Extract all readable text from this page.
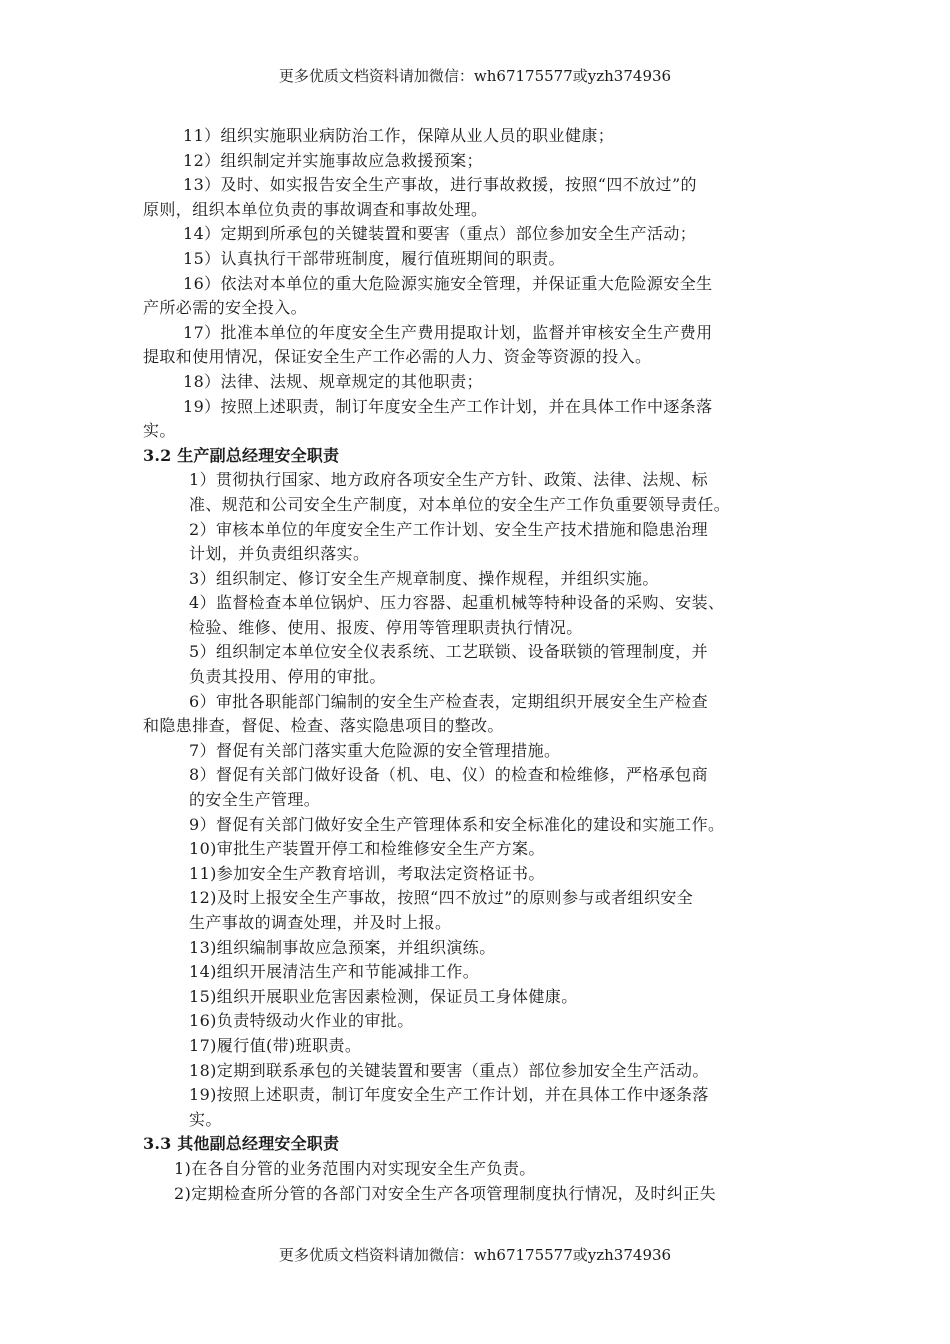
更多优质文档资料请加微信：wh67175577或yzh374936
11）组织实施职业病防治工作，保障从业人员的职业健康；
12）组织制定并实施事故应急救援预案；
13）及时、如实报告安全生产事故，进行事故救援，按照“四不放过”的
原则，组织本单位负责的事故调查和事故处理。
14）定期到所承包的关键装置和要害（重点）部位参加安全生产活动；
15）认真执行干部带班制度，履行值班期间的职责。
16）依法对本单位的重大危险源实施安全管理，并保证重大危险源安全生
产所必需的安全投入。
17）批准本单位的年度安全生产费用提取计划，监督并审核安全生产费用
提取和使用情况，保证安全生产工作必需的人力、资金等资源的投入。
18）法律、法规、规章规定的其他职责；
19）按照上述职责，制订年度安全生产工作计划，并在具体工作中逐条落
实。
3.2 生产副总经理安全职责
1）贯彻执行国家、地方政府各项安全生产方针、政策、法律、法规、标
准、规范和公司安全生产制度，对本单位的安全生产工作负重要领导责任。
2）审核本单位的年度安全生产工作计划、安全生产技术措施和隐患治理
计划，并负责组织落实。
3）组织制定、修订安全生产规章制度、操作规程，并组织实施。
4）监督检查本单位锅炉、压力容器、起重机械等特种设备的采购、安装、
检验、维修、使用、报废、停用等管理职责执行情况。
5）组织制定本单位安全仪表系统、工艺联锁、设备联锁的管理制度，并
负责其投用、停用的审批。
6）审批各职能部门编制的安全生产检查表，定期组织开展安全生产检查
和隐患排查，督促、检查、落实隐患项目的整改。
7）督促有关部门落实重大危险源的安全管理措施。
8）督促有关部门做好设备（机、电、仪）的检查和检维修，严格承包商
的安全生产管理。
9）督促有关部门做好安全生产管理体系和安全标准化的建设和实施工作。
10)审批生产装置开停工和检维修安全生产方案。
11)参加安全生产教育培训，考取法定资格证书。
12)及时上报安全生产事故，按照“四不放过”的原则参与或者组织安全
生产事故的调查处理，并及时上报。
13)组织编制事故应急预案，并组织演练。
14)组织开展清洁生产和节能减排工作。
15)组织开展职业危害因素检测，保证员工身体健康。
16)负责特级动火作业的审批。
17)履行值(带)班职责。
18)定期到联系承包的关键装置和要害（重点）部位参加安全生产活动。
19)按照上述职责，制订年度安全生产工作计划，并在具体工作中逐条落
实。
3.3 其他副总经理安全职责
1)在各自分管的业务范围内对实现安全生产负责。
2)定期检查所分管的各部门对安全生产各项管理制度执行情况，及时纠正失
更多优质文档资料请加微信：wh67175577或yzh374936
